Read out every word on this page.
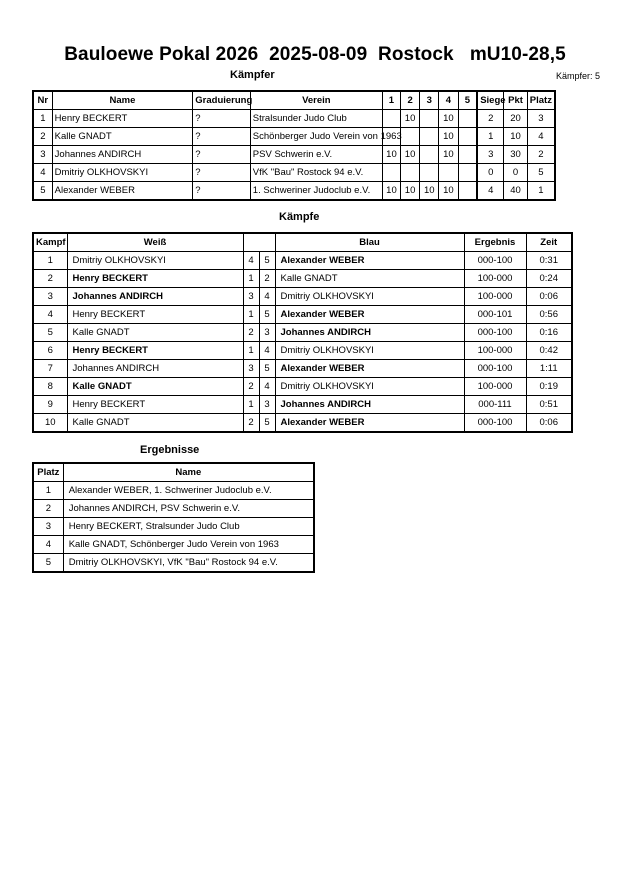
Bauloewe Pokal 2026  2025-08-09  Rostock   mU10-28,5
Kämpfer	Kämpfer: 5
Nr	Name	Graduierung	Verein	1	2	3	4	5	Siege	Pkt	Platz
1	Henry BECKERT	?	Stralsunder Judo Club		10		10		2	20	3
2	Kalle GNADT	?	Schönberger Judo Verein von 1963				10		1	10	4
3	Johannes ANDIRCH	?	PSV Schwerin e.V.	10	10		10		3	30	2
4	Dmitriy OLKHOVSKYI	?	VfK "Bau" Rostock 94 e.V.						0	0	5
5	Alexander WEBER	?	1. Schweriner Judoclub e.V.	10	10	10	10		4	40	1
Kämpfe
Kampf	Weiß			Blau	Ergebnis	Zeit
1	Dmitriy OLKHOVSKYI	4	5	Alexander WEBER	000-100	0:31
2	Henry BECKERT	1	2	Kalle GNADT	100-000	0:24
3	Johannes ANDIRCH	3	4	Dmitriy OLKHOVSKYI	100-000	0:06
4	Henry BECKERT	1	5	Alexander WEBER	000-101	0:56
5	Kalle GNADT	2	3	Johannes ANDIRCH	000-100	0:16
6	Henry BECKERT	1	4	Dmitriy OLKHOVSKYI	100-000	0:42
7	Johannes ANDIRCH	3	5	Alexander WEBER	000-100	1:11
8	Kalle GNADT	2	4	Dmitriy OLKHOVSKYI	100-000	0:19
9	Henry BECKERT	1	3	Johannes ANDIRCH	000-111	0:51
10	Kalle GNADT	2	5	Alexander WEBER	000-100	0:06
Ergebnisse
Platz	Name
1	Alexander WEBER, 1. Schweriner Judoclub e.V.
2	Johannes ANDIRCH, PSV Schwerin e.V.
3	Henry BECKERT, Stralsunder Judo Club
4	Kalle GNADT, Schönberger Judo Verein von 1963
5	Dmitriy OLKHOVSKYI, VfK "Bau" Rostock 94 e.V.
